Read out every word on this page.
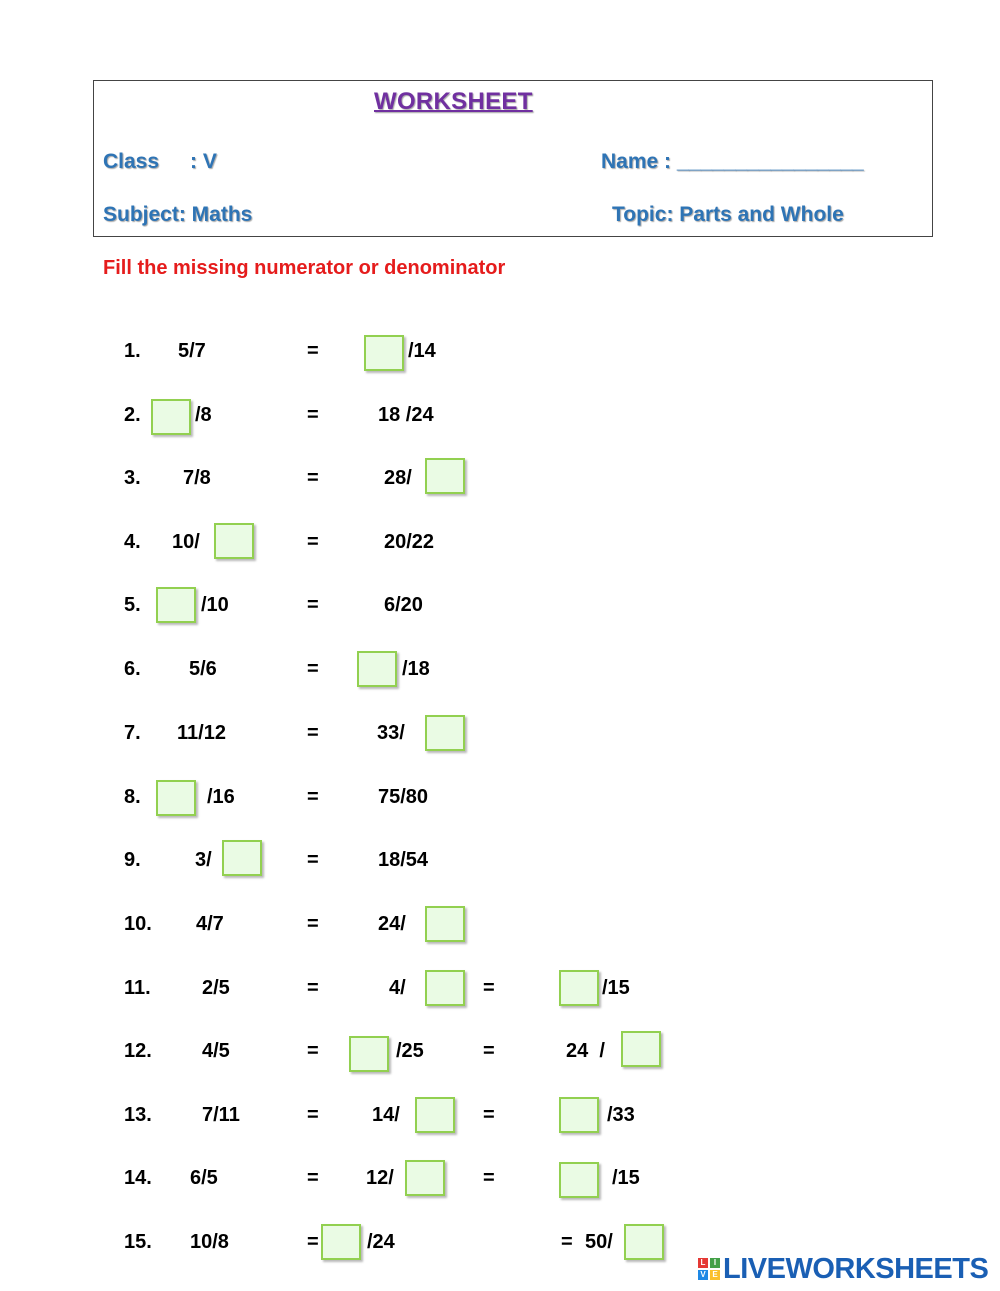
WORKSHEET
Class : V	Name : ________________
Subject: Maths	Topic: Parts and Whole
Fill the missing numerator or denominator
1. 5/7	=	/14
2.	/8	=	18 /24
3. 7/8	=	28/
4. 10/	=	20/22
5.	/10	=	6/20
6. 5/6	=	/18
7. 11/12	=	33/
8.	/16	=	75/80
9.	3/	=	18/54
10. 4/7	=	24/
11.	2/5	=	4/	=	/15
12.	4/5	=	/25	=	24  /
13.	7/11	=	14/	=	/33
14. 6/5	= 12/	=	/15
15. 10/8	= /24	= 50/
L	I
V E LIVEWORKSHEETS
